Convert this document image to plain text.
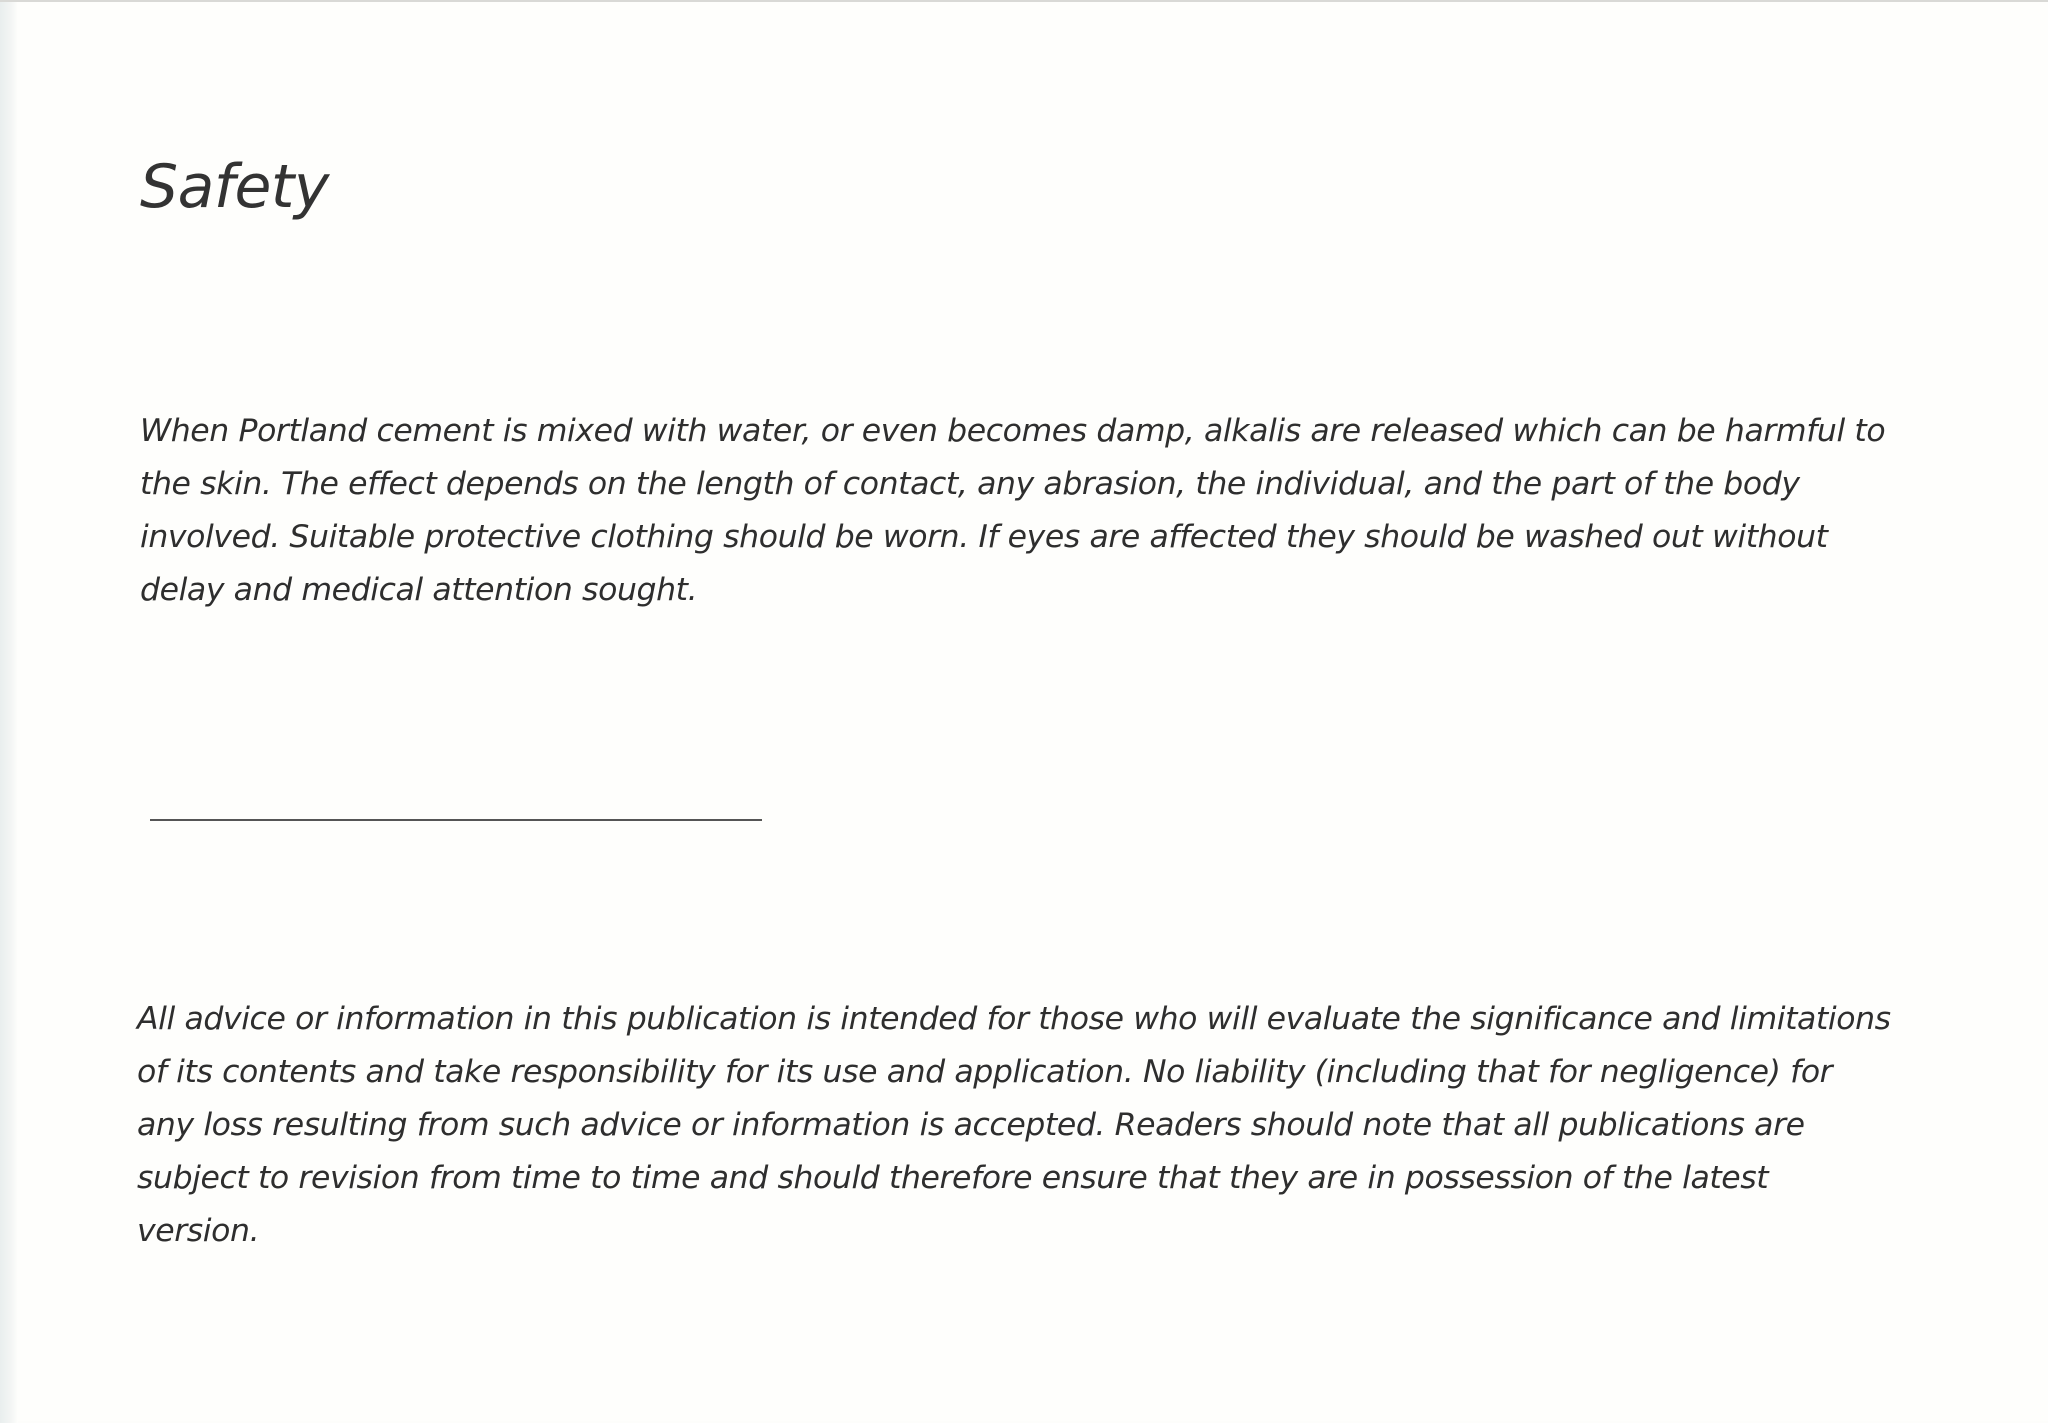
Safety

When Portland cement is mixed with water, or even becomes damp, alkalis are released which can be harmful to the skin. The effect depends on the length of contact, any abrasion, the individual, and the part of the body involved. Suitable protective clothing should be worn. If eyes are affected they should be washed out without delay and medical attention sought.

All advice or information in this publication is intended for those who will evaluate the significance and limitations of its contents and take responsibility for its use and application. No liability (including that for negligence) for any loss resulting from such advice or information is accepted. Readers should note that all publications are subject to revision from time to time and should therefore ensure that they are in possession of the latest version.
